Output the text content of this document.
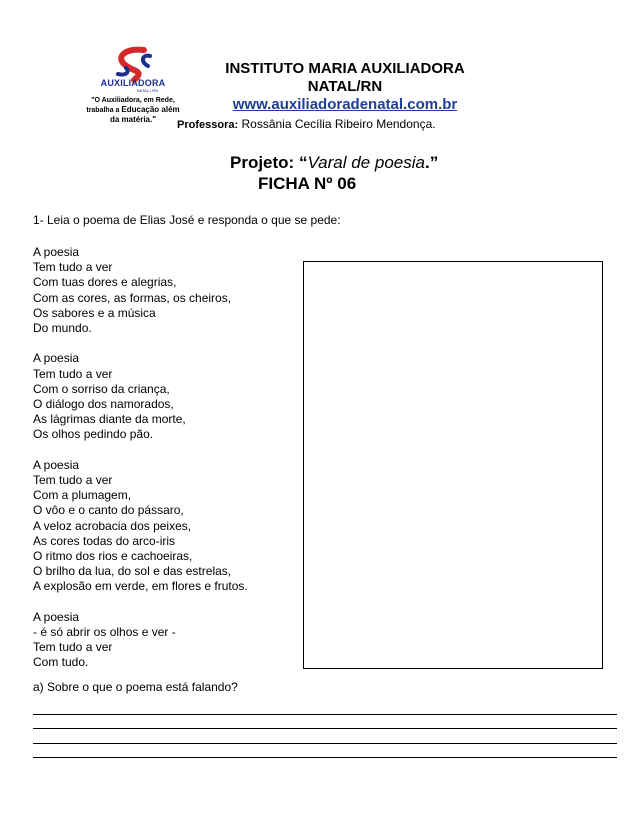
AUXILIADORA
NATAL / RN
"O Auxiliadora, em Rede,
trabalha a Educação além
da matéria."
INSTITUTO MARIA AUXILIADORA
NATAL/RN
www.auxiliadoradenatal.com.br
Professora: Rossânia Cecília Ribeiro Mendonça.
Projeto: “Varal de poesia.”
FICHA Nº 06
1- Leia o poema de Elias José e responda o que se pede:
A poesia
Tem tudo a ver
Com tuas dores e alegrias,
Com as cores, as formas, os cheiros,
Os sabores e a música
Do mundo.
A poesia
Tem tudo a ver
Com o sorriso da criança,
O diálogo dos namorados,
As lágrimas diante da morte,
Os olhos pedindo pão.
A poesia
Tem tudo a ver
Com a plumagem,
O vôo e o canto do pássaro,
A veloz acrobacia dos peixes,
As cores todas do arco-iris
O ritmo dos rios e cachoeiras,
O brilho da lua, do sol e das estrelas,
A explosão em verde, em flores e frutos.
A poesia
- é só abrir os olhos e ver -
Tem tudo a ver
Com tudo.
a) Sobre o que o poema está falando?
